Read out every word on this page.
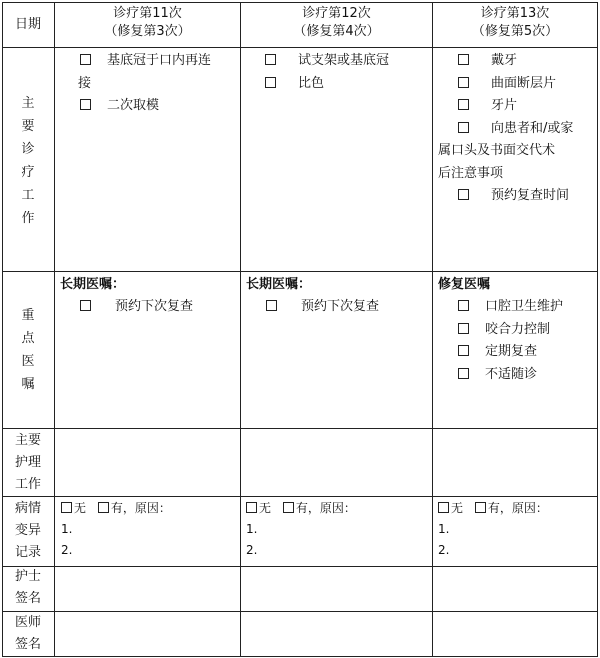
日期
诊疗第11次
（修复第3次）
诊疗第12次
（修复第4次）
诊疗第13次
（修复第5次）
主
要
诊
疗
工
作
基底冠于口内再连
接
二次取模
试支架或基底冠
比色
戴牙
曲面断层片
牙片
向患者和/或家
属口头及书面交代术
后注意事项
预约复查时间
重
点
医
嘱
长期医嘱：
预约下次复查
长期医嘱：
预约下次复查
修复医嘱
口腔卫生维护
咬合力控制
定期复查
不适随诊
主要
护理
工作
病情
变异
记录
无 有，原因：
1.
2.
无 有，原因：
1.
2.
无 有，原因：
1.
2.
护士
签名
医师
签名
